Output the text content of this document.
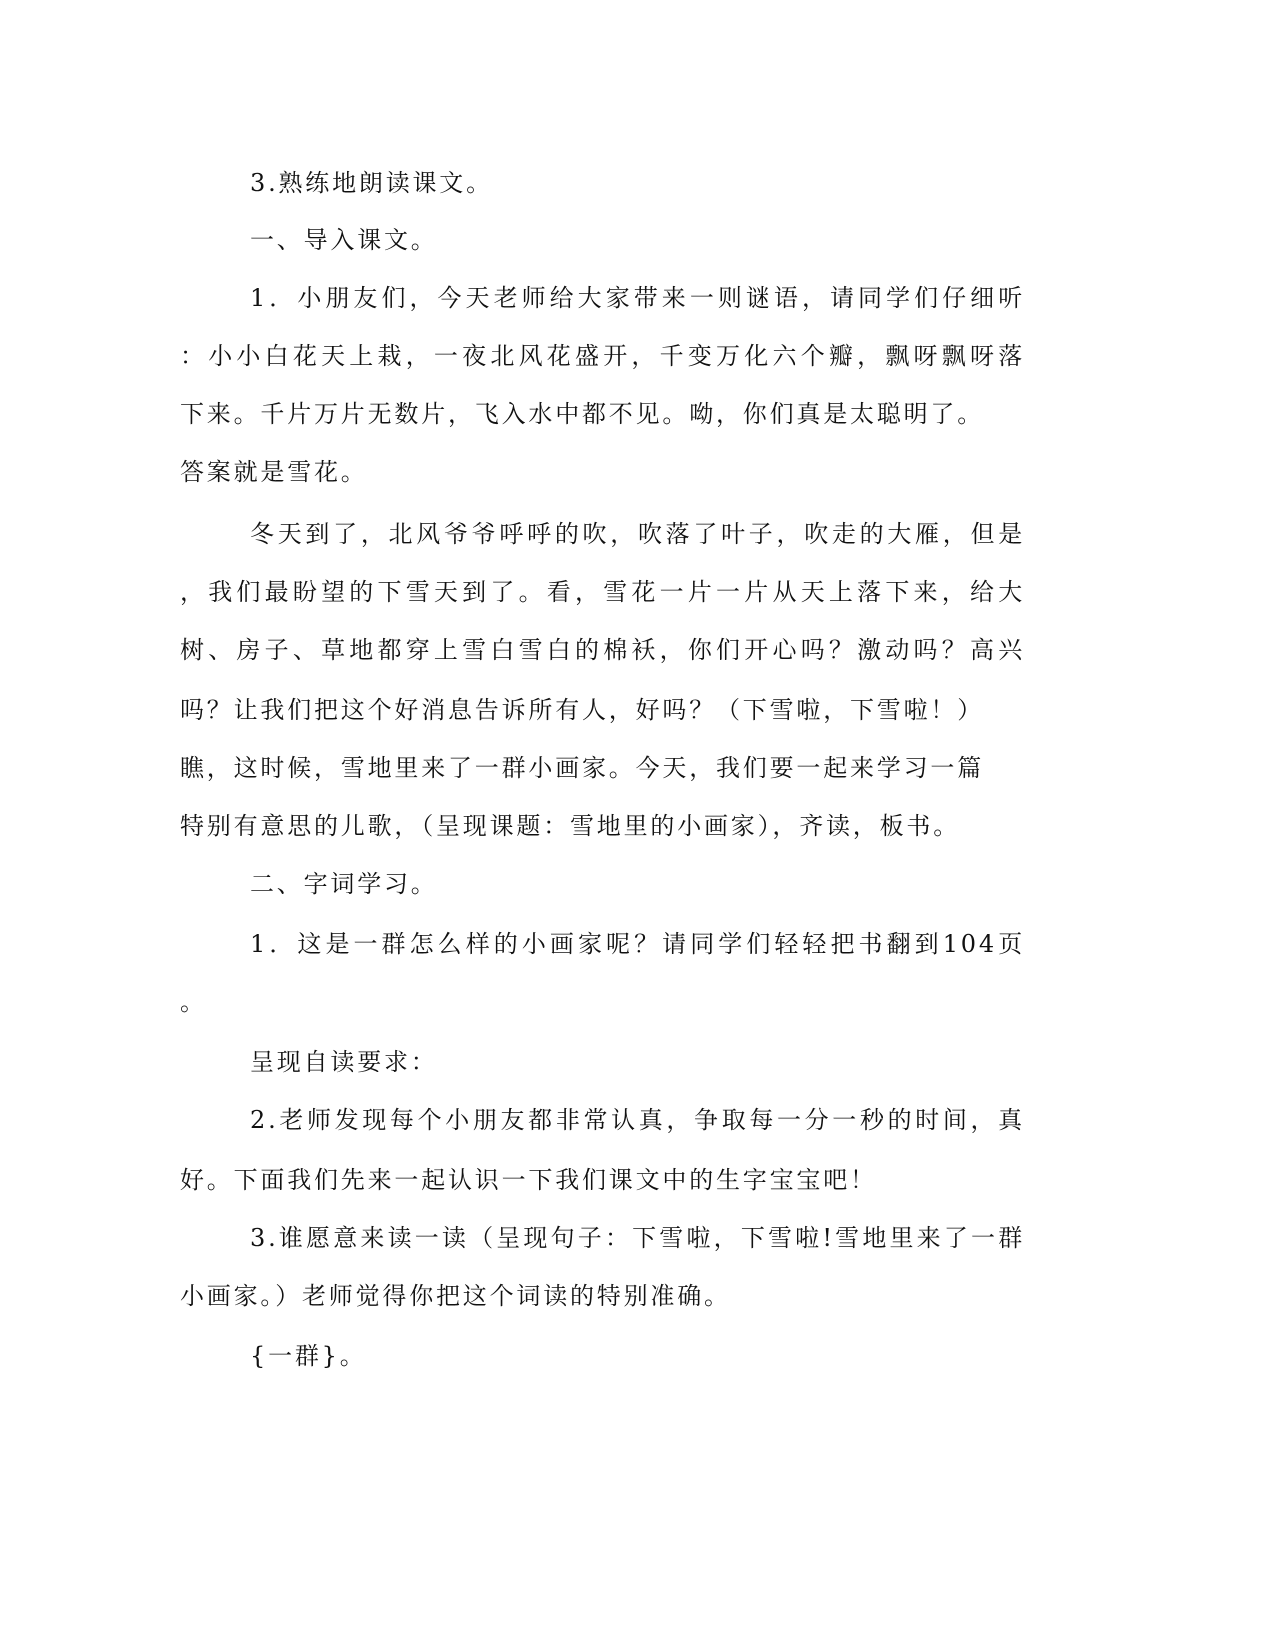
3.熟练地朗读课文。
一、导入课文。
1．小朋友们，今天老师给大家带来一则谜语，请同学们仔细听
：小小白花天上栽，一夜北风花盛开，千变万化六个瓣，飘呀飘呀落
下来。千片万片无数片，飞入水中都不见。呦，你们真是太聪明了。
答案就是雪花。
冬天到了，北风爷爷呼呼的吹，吹落了叶子，吹走的大雁，但是
，我们最盼望的下雪天到了。看，雪花一片一片从天上落下来，给大
树、房子、草地都穿上雪白雪白的棉袄，你们开心吗？激动吗？高兴
吗？让我们把这个好消息告诉所有人，好吗？（下雪啦，下雪啦！）
瞧，这时候，雪地里来了一群小画家。今天，我们要一起来学习一篇
特别有意思的儿歌，（呈现课题：雪地里的小画家），齐读，板书。
二、字词学习。
1．这是一群怎么样的小画家呢？请同学们轻轻把书翻到104页
。
呈现自读要求：
2.老师发现每个小朋友都非常认真，争取每一分一秒的时间，真
好。下面我们先来一起认识一下我们课文中的生字宝宝吧！
3.谁愿意来读一读（呈现句子：下雪啦，下雪啦!雪地里来了一群
小画家。）老师觉得你把这个词读的特别准确。
{一群}。
